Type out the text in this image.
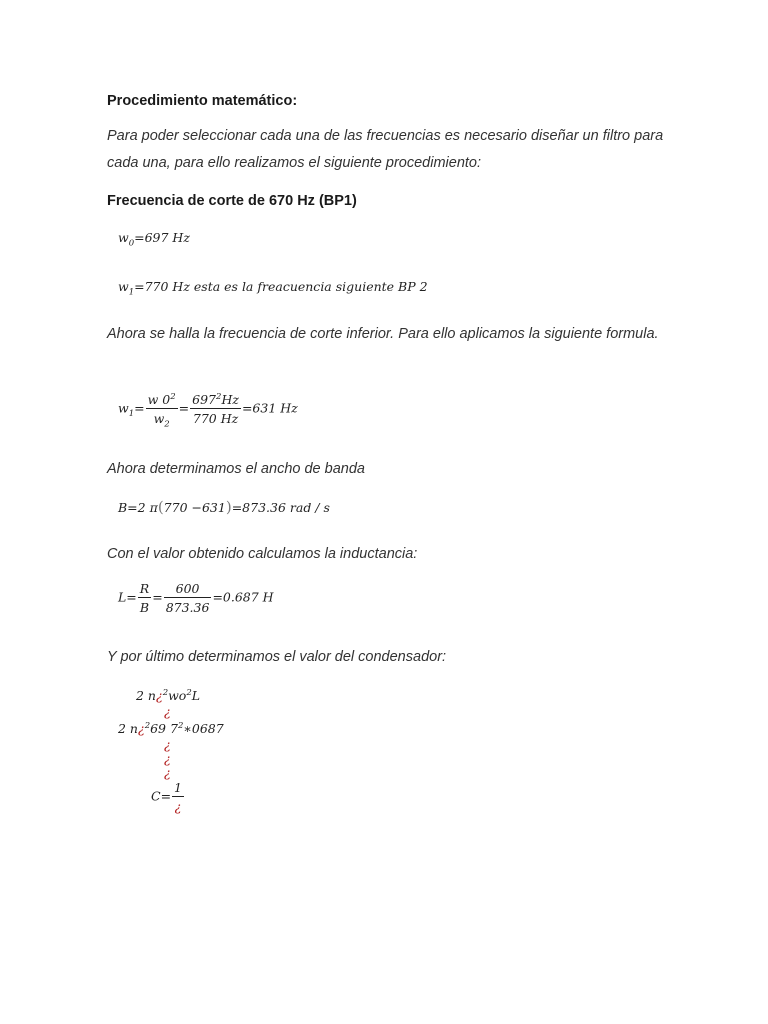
Procedimiento matemático:
Para poder seleccionar cada una de las frecuencias es necesario diseñar un filtro para cada una, para ello realizamos el siguiente procedimiento:
Frecuencia de corte de 670 Hz (BP1)
$w_0=697$ Hz
$w_1=770$ Hz esta es la freacuencia siguiente BP 2
Ahora se halla la frecuencia de corte inferior. Para ello aplicamos la siguiente formula.
$w_1= \frac{w 0^2}{w_2} = \frac{697^2Hz}{770 Hz} =631$ Hz
Ahora determinamos el ancho de banda
B=2 π(770 −631)=873.36 rad / s
Con el valor obtenido calculamos la inductancia:
$L= \frac{R}{B} = \frac{600}{873.36} =0.687$ H
Y por último determinamos el valor del condensador:
2 $n¿^2wo^2L$
¿
2 n¿$^2$69 $7^2∗0687$
¿
¿
¿
$C= \frac{1}{¿}$
